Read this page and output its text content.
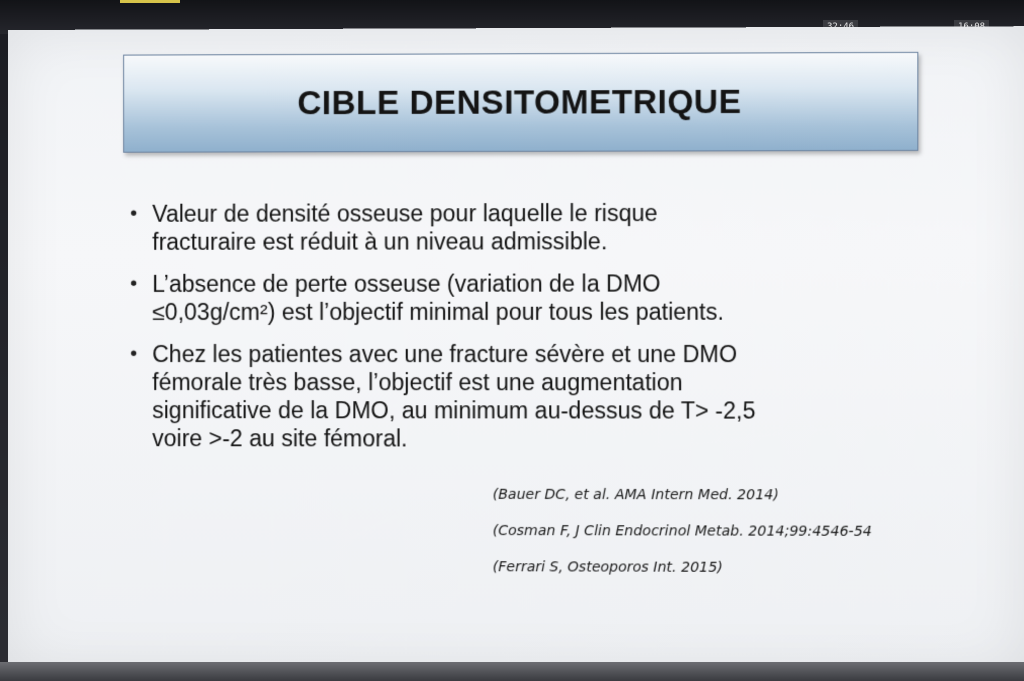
CIBLE DENSITOMETRIQUE
• Valeur de densité osseuse pour laquelle le risque
fracturaire est réduit à un niveau admissible.
• L’absence de perte osseuse (variation de la DMO
≤0,03g/cm²) est l’objectif minimal pour tous les patients.
• Chez les patientes avec une fracture sévère et une DMO
fémorale très basse, l’objectif est une augmentation
significative de la DMO, au minimum au-dessus de T> -2,5
voire >-2 au site fémoral.
(Bauer DC, et al. AMA Intern Med. 2014)
(Cosman F, J Clin Endocrinol Metab. 2014;99:4546-54
(Ferrari S, Osteoporos Int. 2015)
